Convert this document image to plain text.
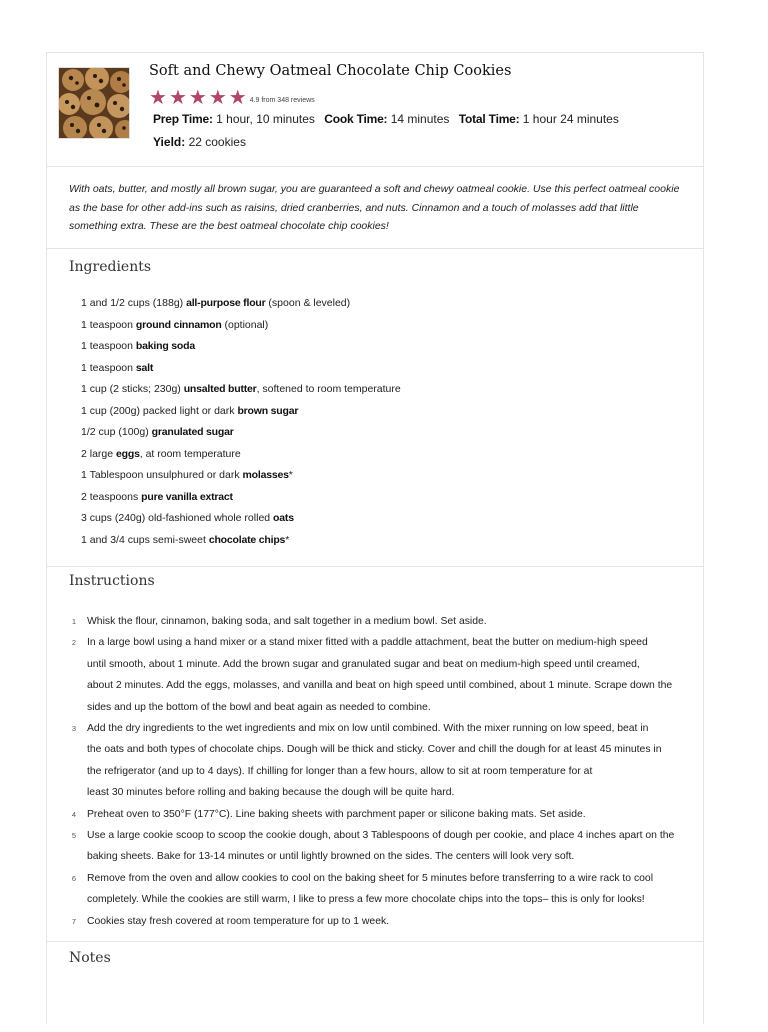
Soft and Chewy Oatmeal Chocolate Chip Cookies
★ ★ ★ ★ ★ 4.9 from 348 reviews
Prep Time: 1 hour, 10 minutes Cook Time: 14 minutes Total Time: 1 hour 24 minutes
Yield: 22 cookies

With oats, butter, and mostly all brown sugar, you are guaranteed a soft and chewy oatmeal cookie. Use this perfect oatmeal cookie as the base for other add-ins such as raisins, dried cranberries, and nuts. Cinnamon and a touch of molasses add that little something extra. These are the best oatmeal chocolate chip cookies!

Ingredients
1 and 1/2 cups (188g) all-purpose flour (spoon & leveled)
1 teaspoon ground cinnamon (optional)
1 teaspoon baking soda
1 teaspoon salt
1 cup (2 sticks; 230g) unsalted butter, softened to room temperature
1 cup (200g) packed light or dark brown sugar
1/2 cup (100g) granulated sugar
2 large eggs, at room temperature
1 Tablespoon unsulphured or dark molasses*
2 teaspoons pure vanilla extract
3 cups (240g) old-fashioned whole rolled oats
1 and 3/4 cups semi-sweet chocolate chips*
Instructions
1 Whisk the flour, cinnamon, baking soda, and salt together in a medium bowl. Set aside.
2 In a large bowl using a hand mixer or a stand mixer fitted with a paddle attachment, beat the butter on medium-high speed
until smooth, about 1 minute. Add the brown sugar and granulated sugar and beat on medium-high speed until creamed,
about 2 minutes. Add the eggs, molasses, and vanilla and beat on high speed until combined, about 1 minute. Scrape down the
sides and up the bottom of the bowl and beat again as needed to combine.
3 Add the dry ingredients to the wet ingredients and mix on low until combined. With the mixer running on low speed, beat in
the oats and both types of chocolate chips. Dough will be thick and sticky. Cover and chill the dough for at least 45 minutes in
the refrigerator (and up to 4 days). If chilling for longer than a few hours, allow to sit at room temperature for at
least 30 minutes before rolling and baking because the dough will be quite hard.
4 Preheat oven to 350°F (177°C). Line baking sheets with parchment paper or silicone baking mats. Set aside.
5 Use a large cookie scoop to scoop the cookie dough, about 3 Tablespoons of dough per cookie, and place 4 inches apart on the
baking sheets. Bake for 13-14 minutes or until lightly browned on the sides. The centers will look very soft.
6 Remove from the oven and allow cookies to cool on the baking sheet for 5 minutes before transferring to a wire rack to cool
completely. While the cookies are still warm, I like to press a few more chocolate chips into the tops– this is only for looks!
7 Cookies stay fresh covered at room temperature for up to 1 week.
Notes
